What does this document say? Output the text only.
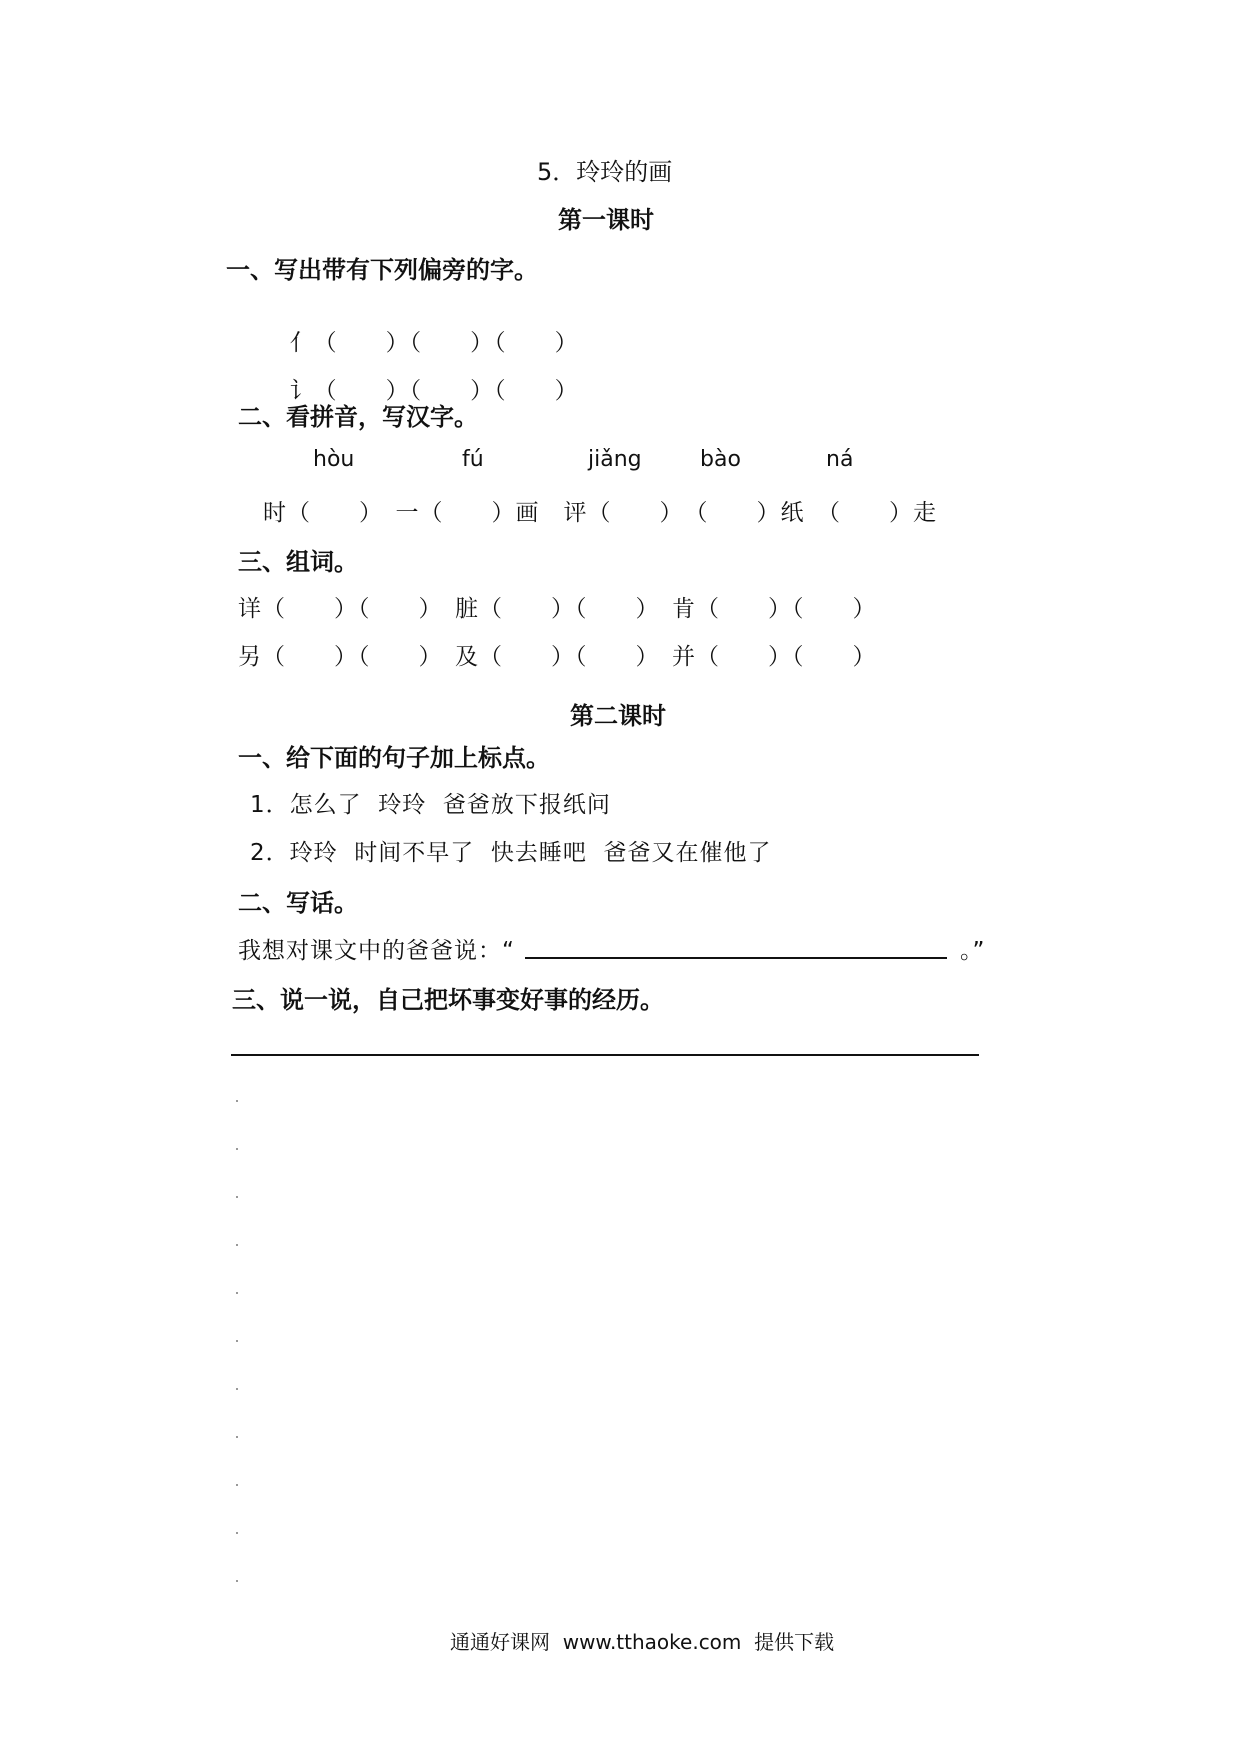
5．玲玲的画
第一课时
一、写出带有下列偏旁的字。

亻（　　）（　　）（　　）

讠（　　）（　　）（　　）

二、看拼音，写汉字。
hòu	fú	jiǎng	bào	ná
时（　　）　一（　　）画　评（　　）　（　　）纸　（　　）走
三、组词。
详（　　）（　　）　脏（　　）（　　）　肯（　　）（　　）
另（　　）（　　）　及（　　）（　　）　并（　　）（　　）
第二课时
一、给下面的句子加上标点。
1．怎么了  玲玲  爸爸放下报纸问
2．玲玲  时间不早了  快去睡吧  爸爸又在催他了
二、写话。
我想对课文中的爸爸说：“	。”
三、说一说，自己把坏事变好事的经历。
通通好课网  www.tthaoke.com  提供下载
